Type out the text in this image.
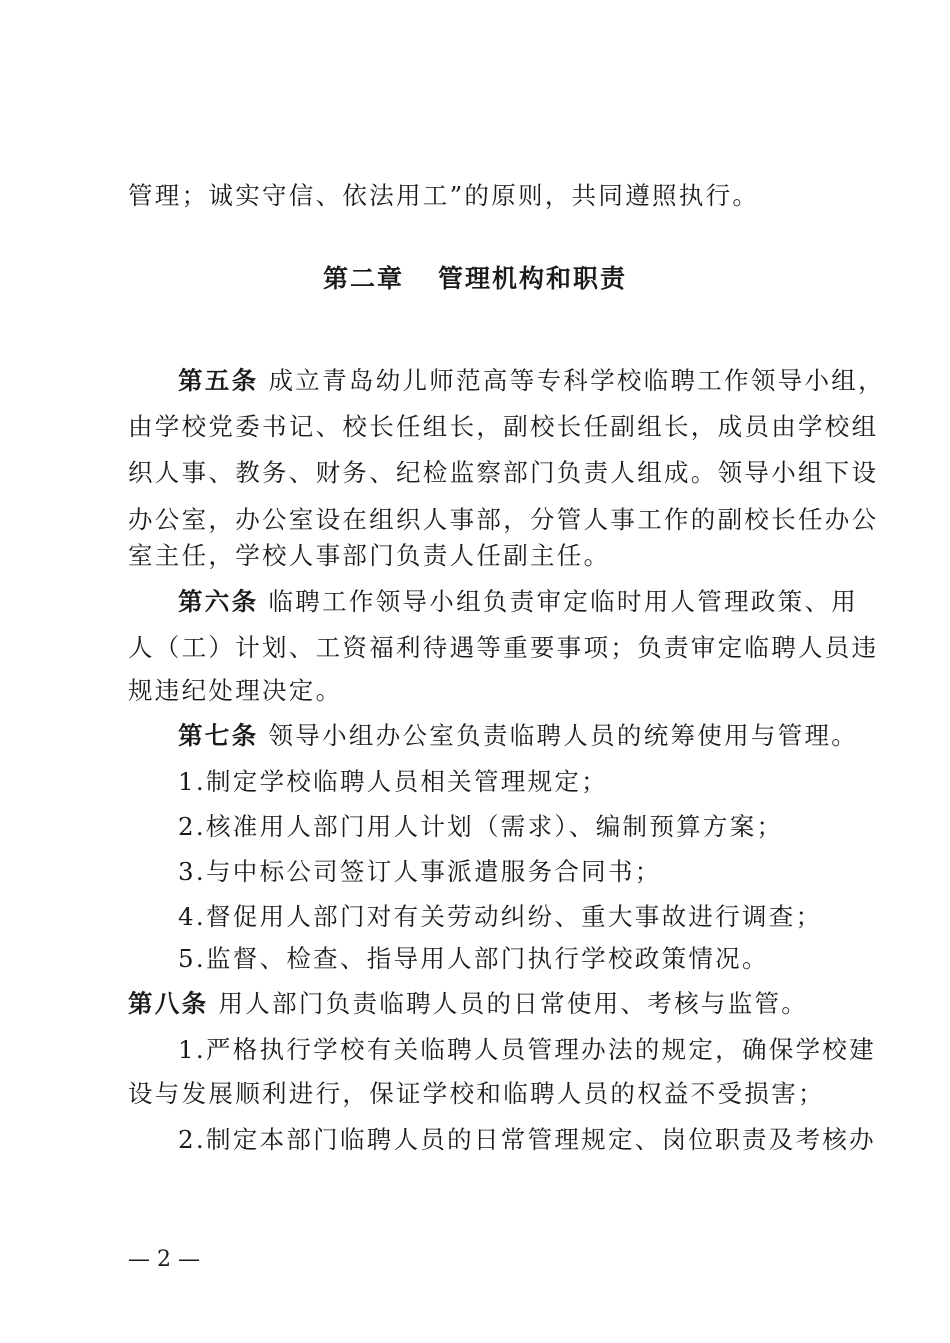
管理；诚实守信、依法用工”的原则，共同遵照执行。
第五条 成立青岛幼儿师范高等专科学校临聘工作领导小组，
由学校党委书记、校长任组长，副校长任副组长，成员由学校组
织人事、教务、财务、纪检监察部门负责人组成。领导小组下设
办公室，办公室设在组织人事部，分管人事工作的副校长任办公
室主任，学校人事部门负责人任副主任。
第六条 临聘工作领导小组负责审定临时用人管理政策、用
人（工）计划、工资福利待遇等重要事项；负责审定临聘人员违
规违纪处理决定。
第七条 领导小组办公室负责临聘人员的统筹使用与管理。
1.制定学校临聘人员相关管理规定；
2.核准用人部门用人计划（需求）、编制预算方案；
3.与中标公司签订人事派遣服务合同书；
4.督促用人部门对有关劳动纠纷、重大事故进行调查；
5.监督、检查、指导用人部门执行学校政策情况。
第八条 用人部门负责临聘人员的日常使用、考核与监管。
1.严格执行学校有关临聘人员管理办法的规定，确保学校建
设与发展顺利进行，保证学校和临聘人员的权益不受损害；
2.制定本部门临聘人员的日常管理规定、岗位职责及考核办
第二章 管理机构和职责
— 2 —
